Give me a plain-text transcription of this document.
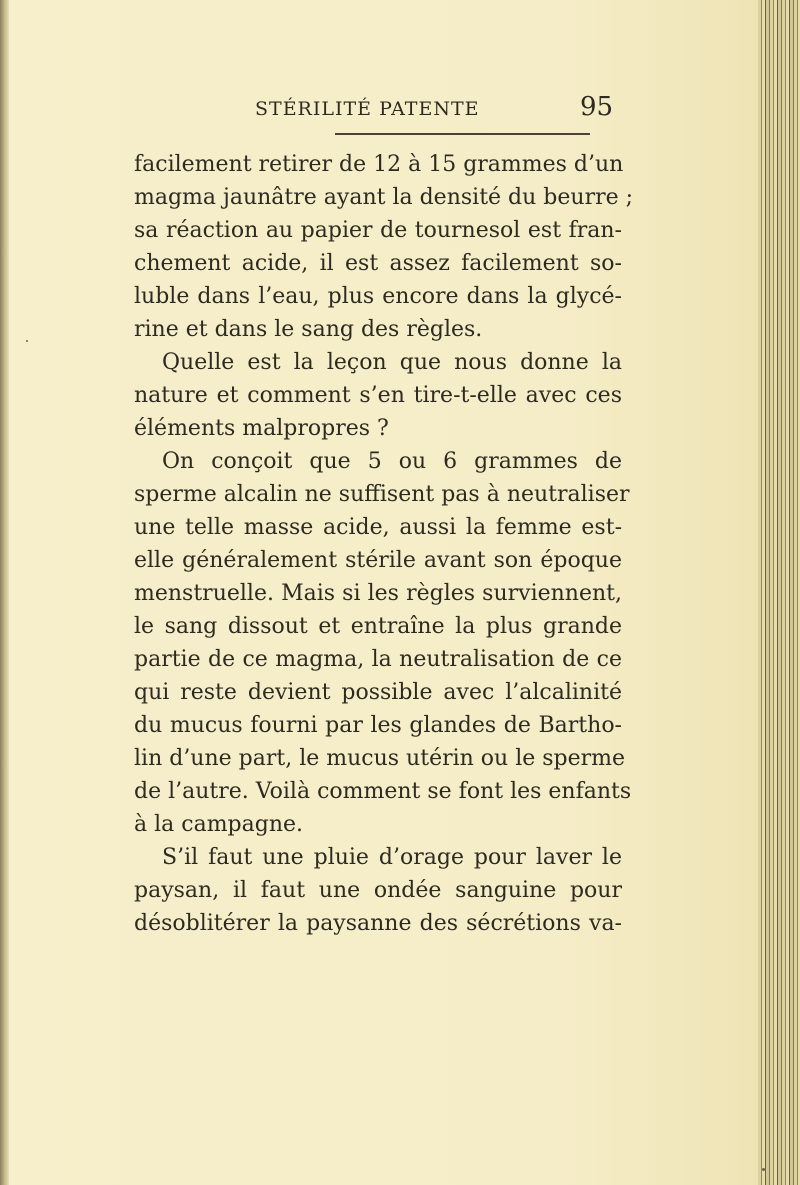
STÉRILITÉ PATENTE	95
facilement retirer de 12 à 15 grammes d’un
magma jaunâtre ayant la densité du beurre ;
sa réaction au papier de tournesol est fran-
chement acide, il est assez facilement so-
luble dans l’eau, plus encore dans la glycé-
rine et dans le sang des règles.
Quelle est la leçon que nous donne la
nature et comment s’en tire-t-elle avec ces
éléments malpropres ?
On conçoit que 5 ou 6 grammes de
sperme alcalin ne suffisent pas à neutraliser
une telle masse acide, aussi la femme est-
elle généralement stérile avant son époque
menstruelle. Mais si les règles surviennent,
le sang dissout et entraîne la plus grande
partie de ce magma, la neutralisation de ce
qui reste devient possible avec l’alcalinité
du mucus fourni par les glandes de Bartho-
lin d’une part, le mucus utérin ou le sperme
de l’autre. Voilà comment se font les enfants
à la campagne.
S’il faut une pluie d’orage pour laver le
paysan, il faut une ondée sanguine pour
désoblitérer la paysanne des sécrétions va-
